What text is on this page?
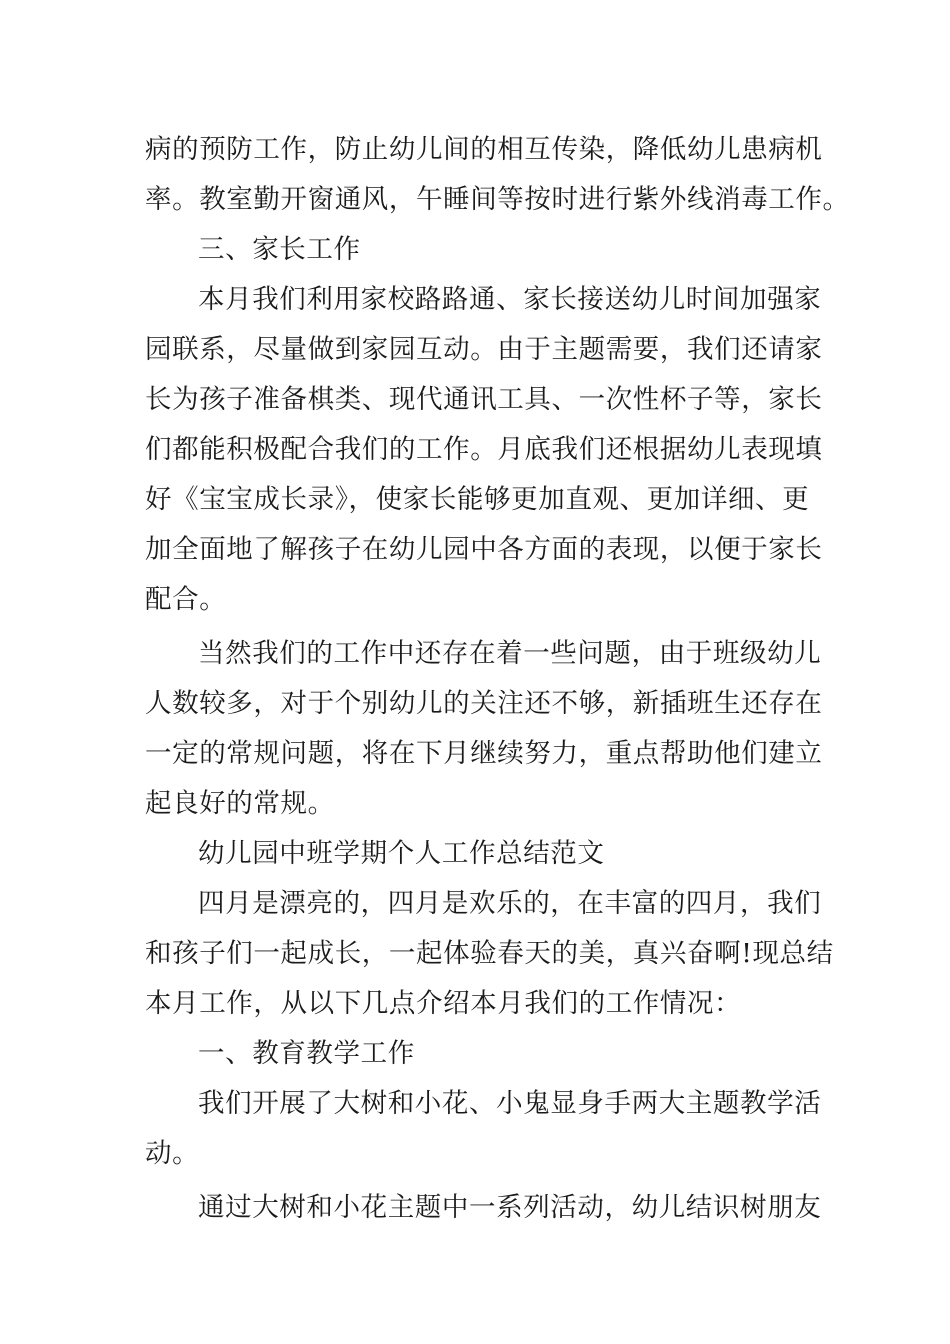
病的预防工作，防止幼儿间的相互传染，降低幼儿患病机
率。教室勤开窗通风，午睡间等按时进行紫外线消毒工作。
三、家长工作
本月我们利用家校路路通、家长接送幼儿时间加强家
园联系，尽量做到家园互动。由于主题需要，我们还请家
长为孩子准备棋类、现代通讯工具、一次性杯子等，家长
们都能积极配合我们的工作。月底我们还根据幼儿表现填
好《宝宝成长录》，使家长能够更加直观、更加详细、更
加全面地了解孩子在幼儿园中各方面的表现，以便于家长
配合。
当然我们的工作中还存在着一些问题，由于班级幼儿
人数较多，对于个别幼儿的关注还不够，新插班生还存在
一定的常规问题，将在下月继续努力，重点帮助他们建立
起良好的常规。
幼儿园中班学期个人工作总结范文
四月是漂亮的，四月是欢乐的，在丰富的四月，我们
和孩子们一起成长，一起体验春天的美，真兴奋啊!现总结
本月工作，从以下几点介绍本月我们的工作情况：
一、教育教学工作
我们开展了大树和小花、小鬼显身手两大主题教学活
动。
通过大树和小花主题中一系列活动，幼儿结识树朋友
